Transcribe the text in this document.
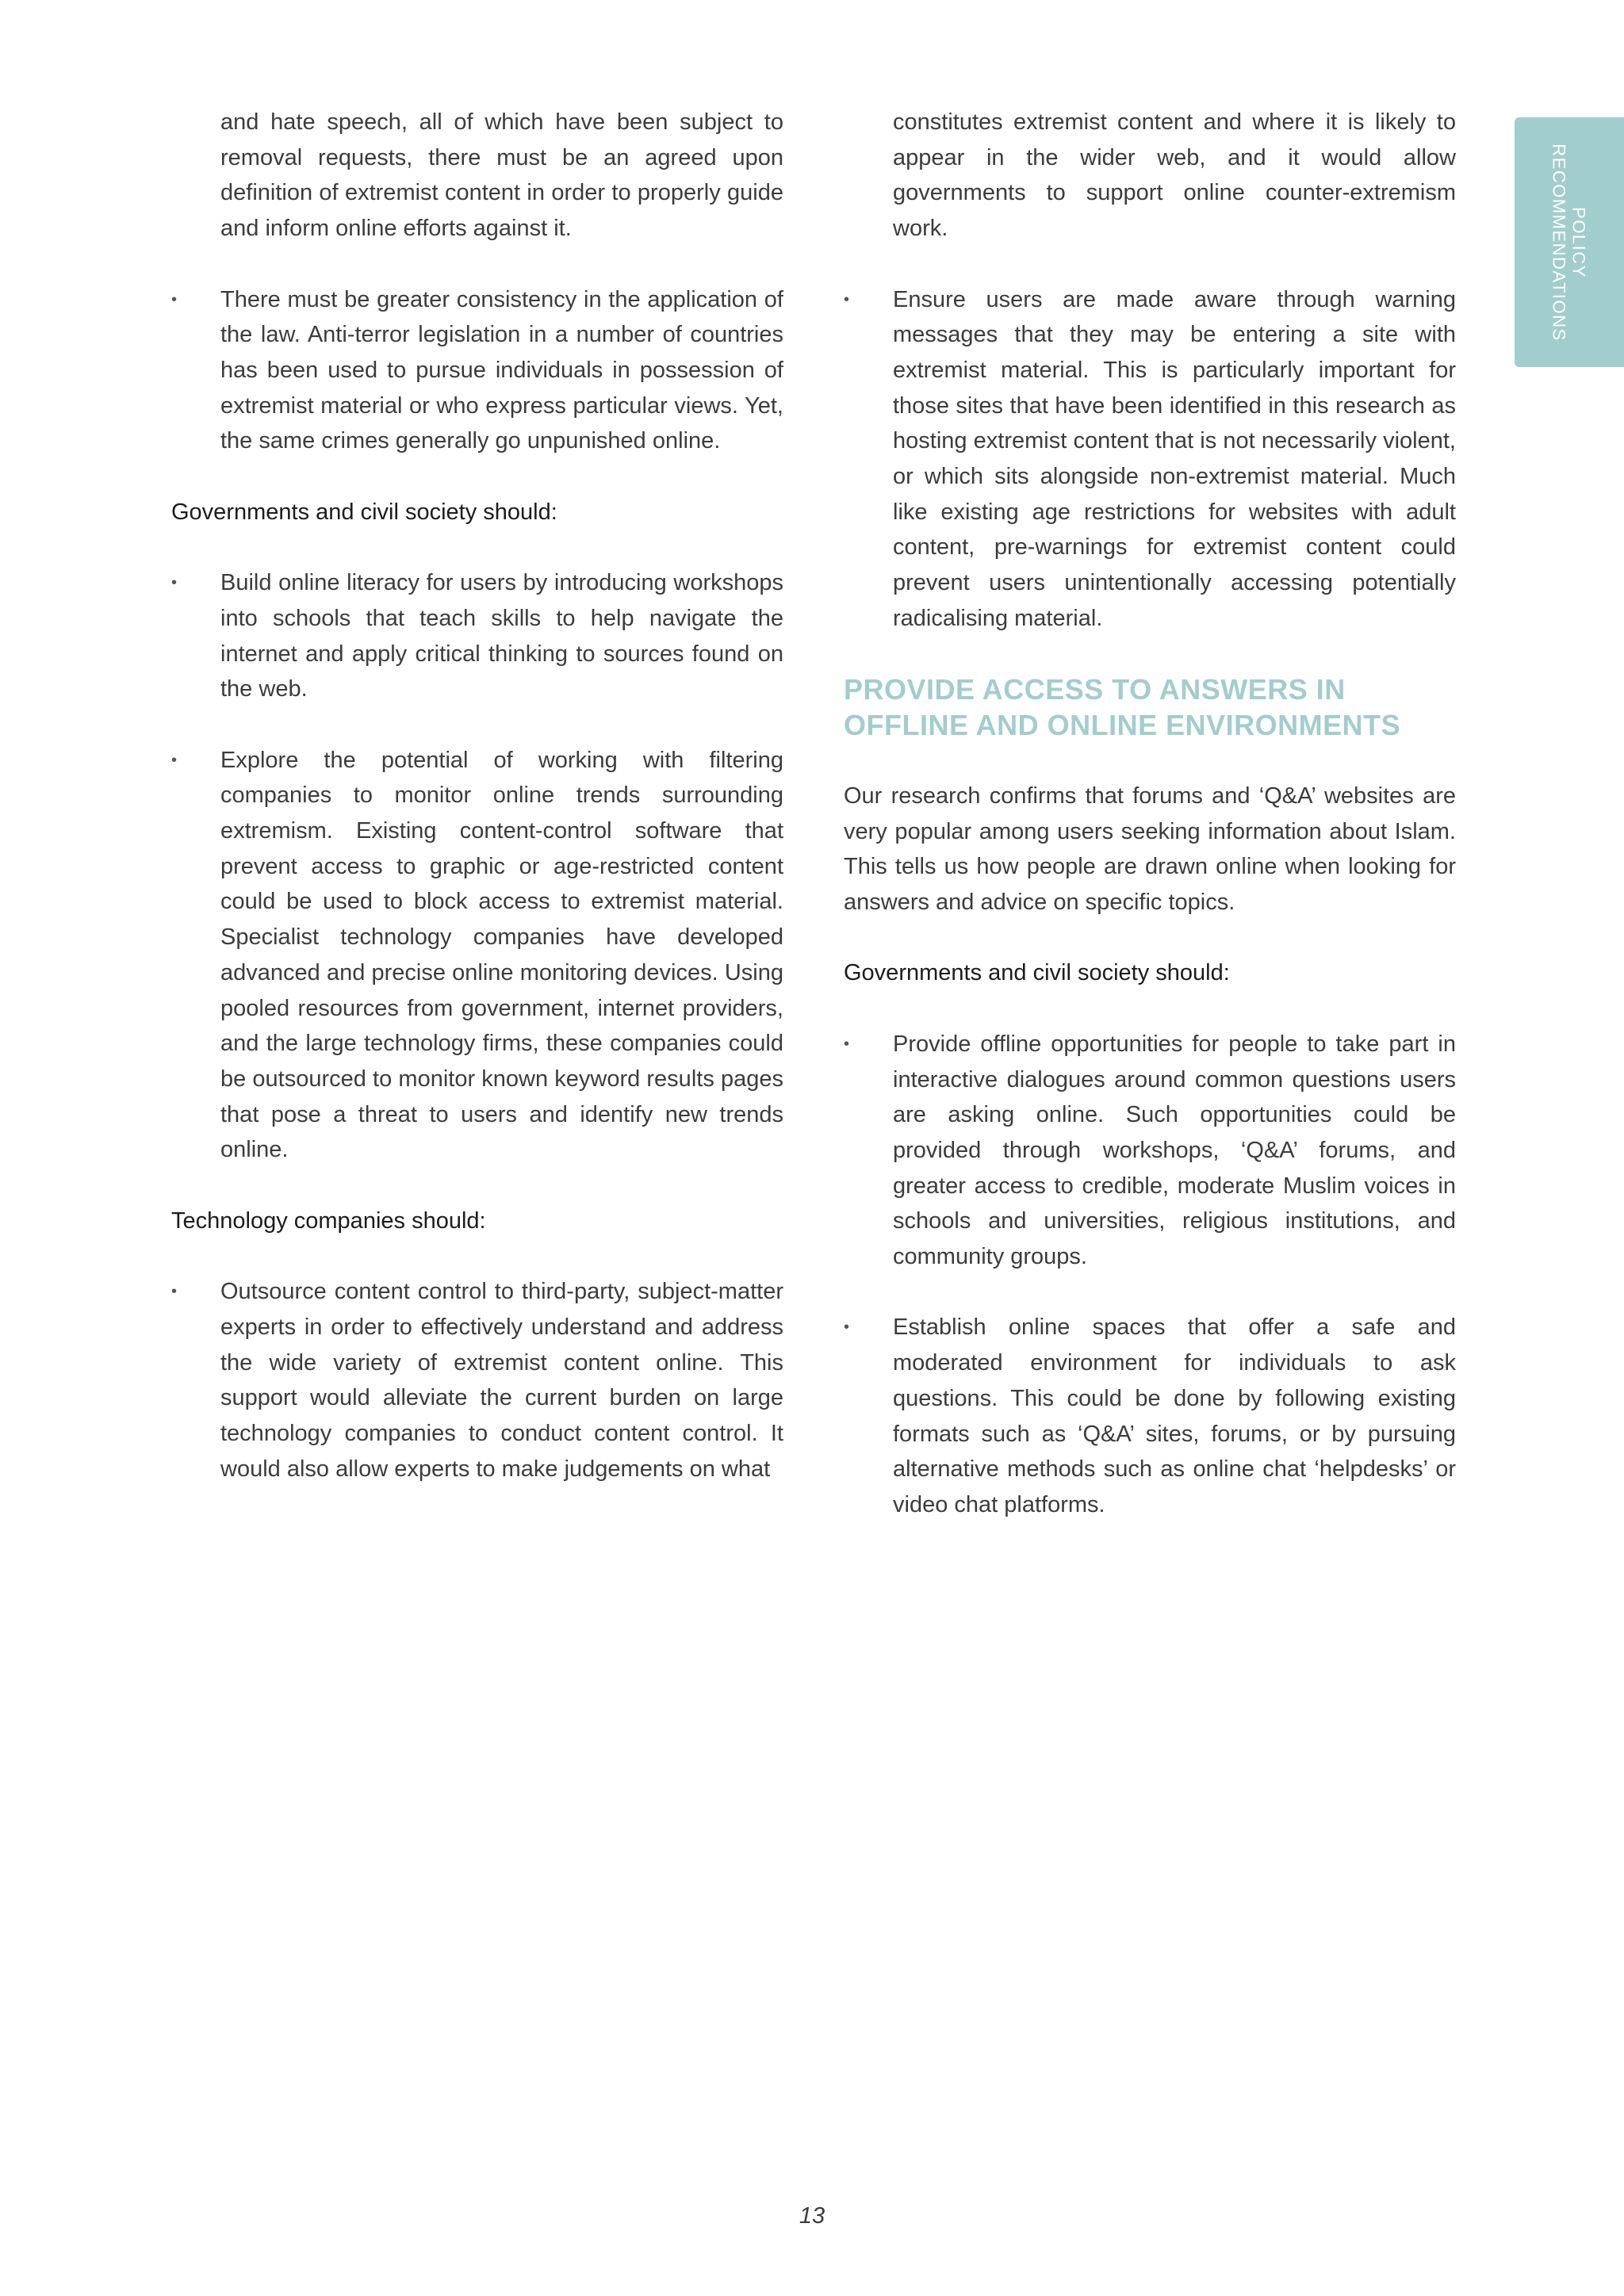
POLICY
RECOMMENDATIONS

and hate speech, all of which have been subject to removal requests, there must be an agreed upon definition of extremist content in order to properly guide and inform online efforts against it.

• There must be greater consistency in the application of the law. Anti-terror legislation in a number of countries has been used to pursue individuals in possession of extremist material or who express particular views. Yet, the same crimes generally go unpunished online.

Governments and civil society should:

• Build online literacy for users by introducing workshops into schools that teach skills to help navigate the internet and apply critical thinking to sources found on the web.

• Explore the potential of working with filtering companies to monitor online trends surrounding extremism. Existing content-control software that prevent access to graphic or age-restricted content could be used to block access to extremist material. Specialist technology companies have developed advanced and precise online monitoring devices. Using pooled resources from government, internet providers, and the large technology firms, these companies could be outsourced to monitor known keyword results pages that pose a threat to users and identify new trends online.

Technology companies should:

• Outsource content control to third-party, subject-matter experts in order to effectively understand and address the wide variety of extremist content online. This support would alleviate the current burden on large technology companies to conduct content control. It would also allow experts to make judgements on what

constitutes extremist content and where it is likely to appear in the wider web, and it would allow governments to support online counter-extremism work.

• Ensure users are made aware through warning messages that they may be entering a site with extremist material. This is particularly important for those sites that have been identified in this research as hosting extremist content that is not necessarily violent, or which sits alongside non-extremist material. Much like existing age restrictions for websites with adult content, pre-warnings for extremist content could prevent users unintentionally accessing potentially radicalising material.

PROVIDE ACCESS TO ANSWERS IN
OFFLINE AND ONLINE ENVIRONMENTS

Our research confirms that forums and ‘Q&A’ websites are very popular among users seeking information about Islam. This tells us how people are drawn online when looking for answers and advice on specific topics.

Governments and civil society should:

• Provide offline opportunities for people to take part in interactive dialogues around common questions users are asking online. Such opportunities could be provided through workshops, ‘Q&A’ forums, and greater access to credible, moderate Muslim voices in schools and universities, religious institutions, and community groups.

• Establish online spaces that offer a safe and moderated environment for individuals to ask questions. This could be done by following existing formats such as ‘Q&A’ sites, forums, or by pursuing alternative methods such as online chat ‘helpdesks’ or video chat platforms.

13
